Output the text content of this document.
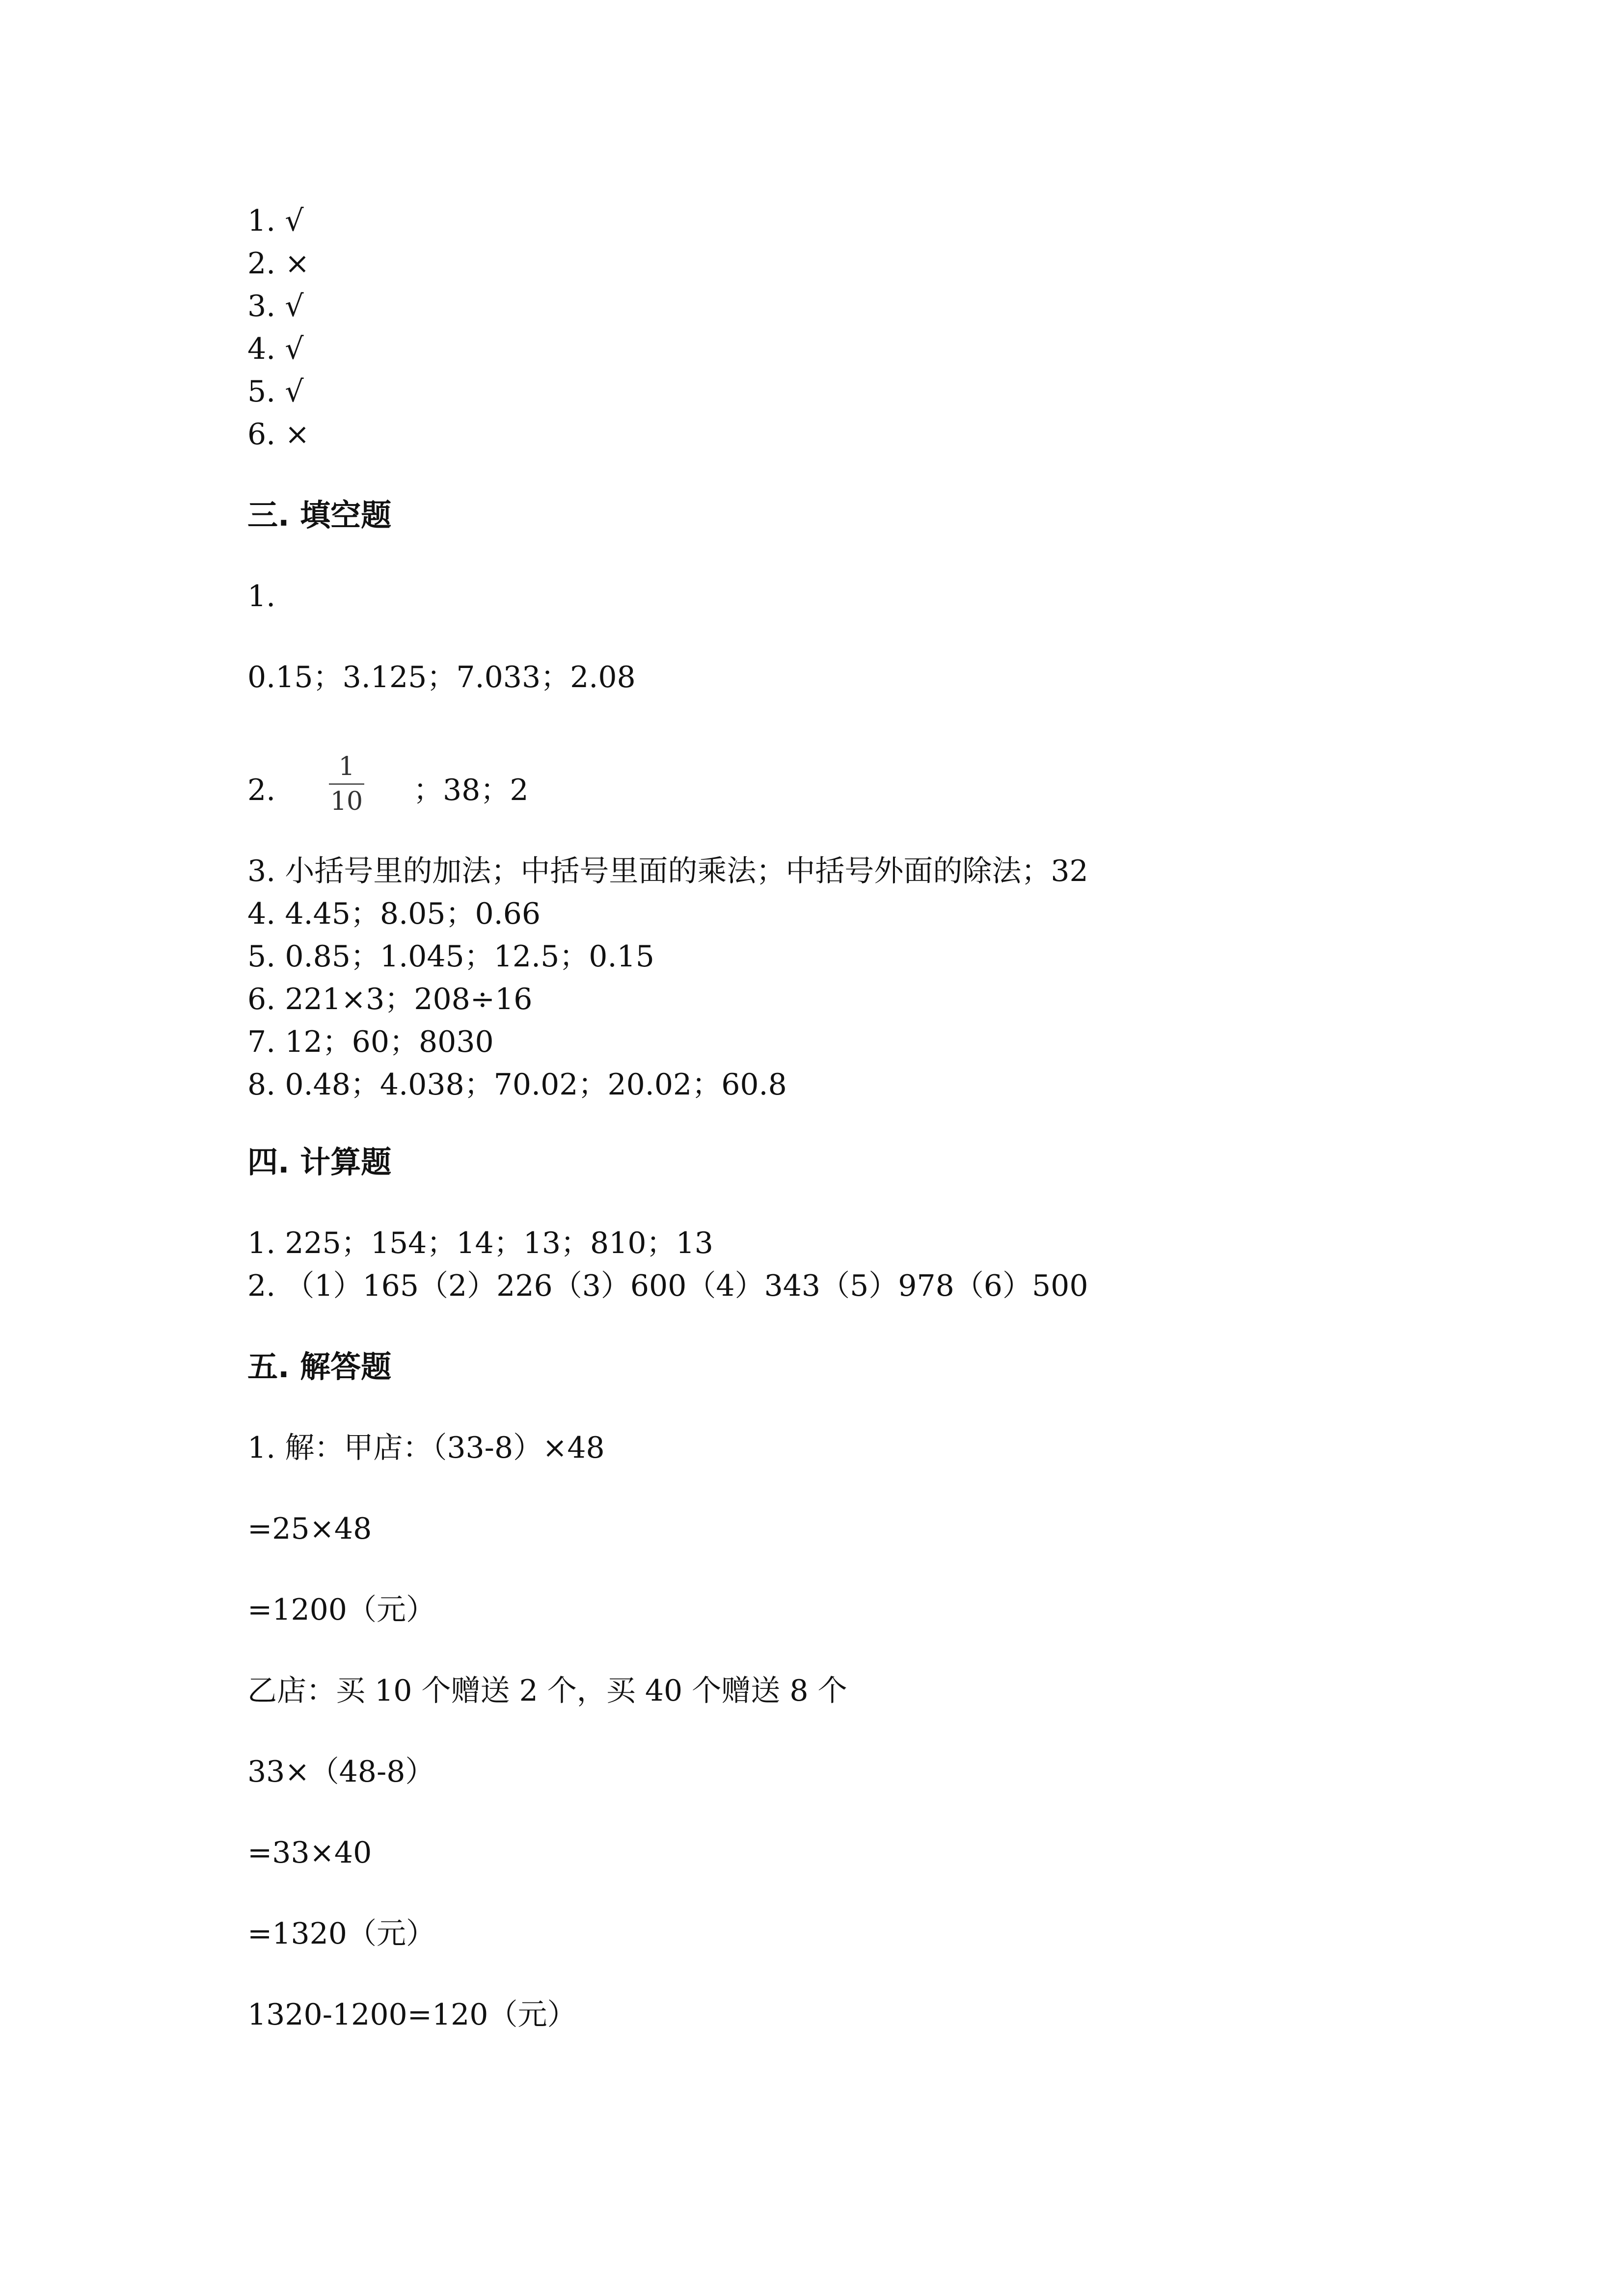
1. √
2. ×
3. √
4. √
5. √
6. ×
三. 填空题
1.
0.15；3.125；7.033；2.08
2.
1
10 ；38；2
3. 小括号里的加法；中括号里面的乘法；中括号外面的除法；32
4. 4.45；8.05；0.66
5. 0.85；1.045；12.5；0.15
6. 221×3；208÷16
7. 12；60；8030
8. 0.48；4.038；70.02；20.02；60.8
四. 计算题
1. 225；154；14；13；810；13
2. （1）165（2）226（3）600（4）343（5）978（6）500
五. 解答题
1. 解：甲店：（33-8）×48
=25×48
=1200（元）
乙店：买 10 个赠送 2 个，买 40 个赠送 8 个
33×（48-8）
=33×40
=1320（元）
1320-1200=120（元）
